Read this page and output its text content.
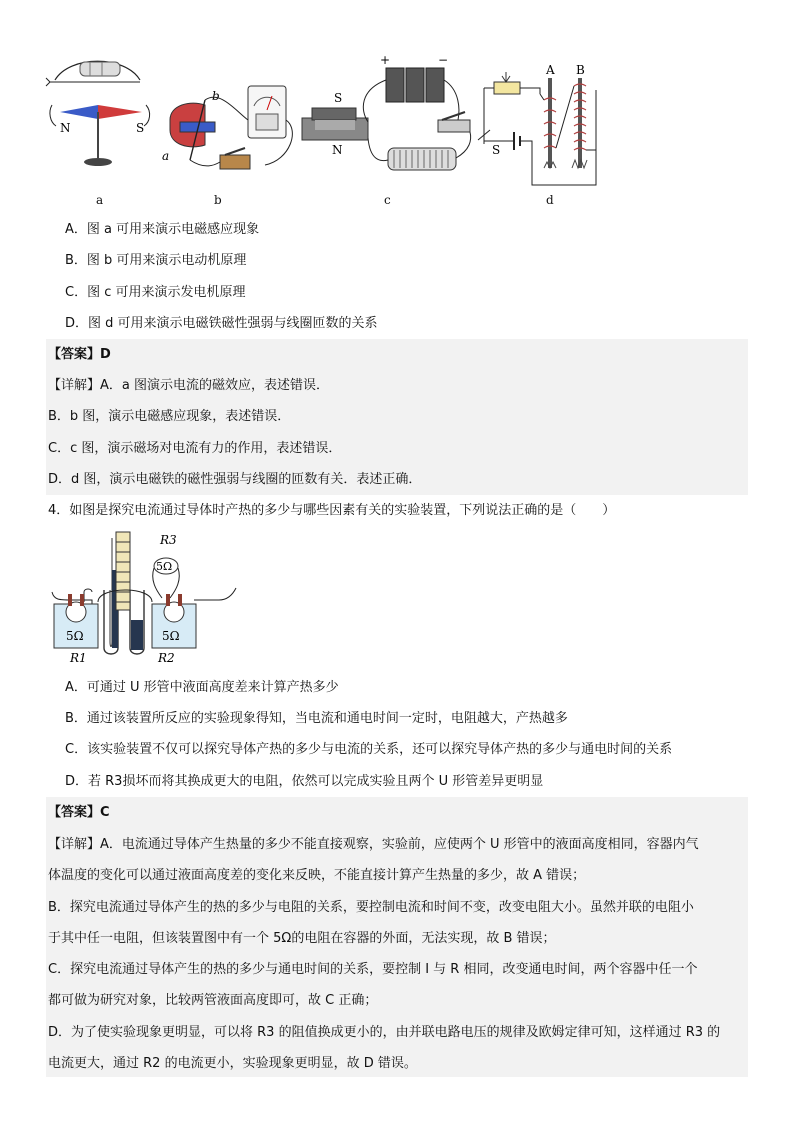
N	S
b
a
S
N
+	−
A B
S
a	b	c	d
A．图 a 可用来演示电磁感应现象
B．图 b 可用来演示电动机原理
C．图 c 可用来演示发电机原理
D．图 d 可用来演示电磁铁磁性强弱与线圈匝数的关系
【答案】D
【详解】A．a 图演示电流的磁效应，表述错误．
B．b 图，演示电磁感应现象，表述错误．
C．c 图，演示磁场对电流有力的作用，表述错误．
D．d 图，演示电磁铁的磁性强弱与线圈的匝数有关．表述正确．
4．如图是探究电流通过导体时产热的多少与哪些因素有关的实验装置，下列说法正确的是（　　）
5Ω	5Ω
R3
5Ω
R1	R2
A．可通过 U 形管中液面高度差来计算产热多少
B．通过该装置所反应的实验现象得知，当电流和通电时间一定时，电阻越大，产热越多
C．该实验装置不仅可以探究导体产热的多少与电流的关系，还可以探究导体产热的多少与通电时间的关系
D．若 R3损坏而将其换成更大的电阻，依然可以完成实验且两个 U 形管差异更明显
【答案】C
【详解】A．电流通过导体产生热量的多少不能直接观察，实验前，应使两个 U 形管中的液面高度相同，容器内气
体温度的变化可以通过液面高度差的变化来反映，不能直接计算产生热量的多少，故 A 错误；
B．探究电流通过导体产生的热的多少与电阻的关系，要控制电流和时间不变，改变电阻大小。虽然并联的电阻小
于其中任一电阻，但该装置图中有一个 5Ω的电阻在容器的外面，无法实现，故 B 错误；
C．探究电流通过导体产生的热的多少与通电时间的关系，要控制 I 与 R 相同，改变通电时间，两个容器中任一个
都可做为研究对象，比较两管液面高度即可，故 C 正确；
D．为了使实验现象更明显，可以将 R3 的阻值换成更小的，由并联电路电压的规律及欧姆定律可知，这样通过 R3 的
电流更大，通过 R2 的电流更小，实验现象更明显，故 D 错误。
